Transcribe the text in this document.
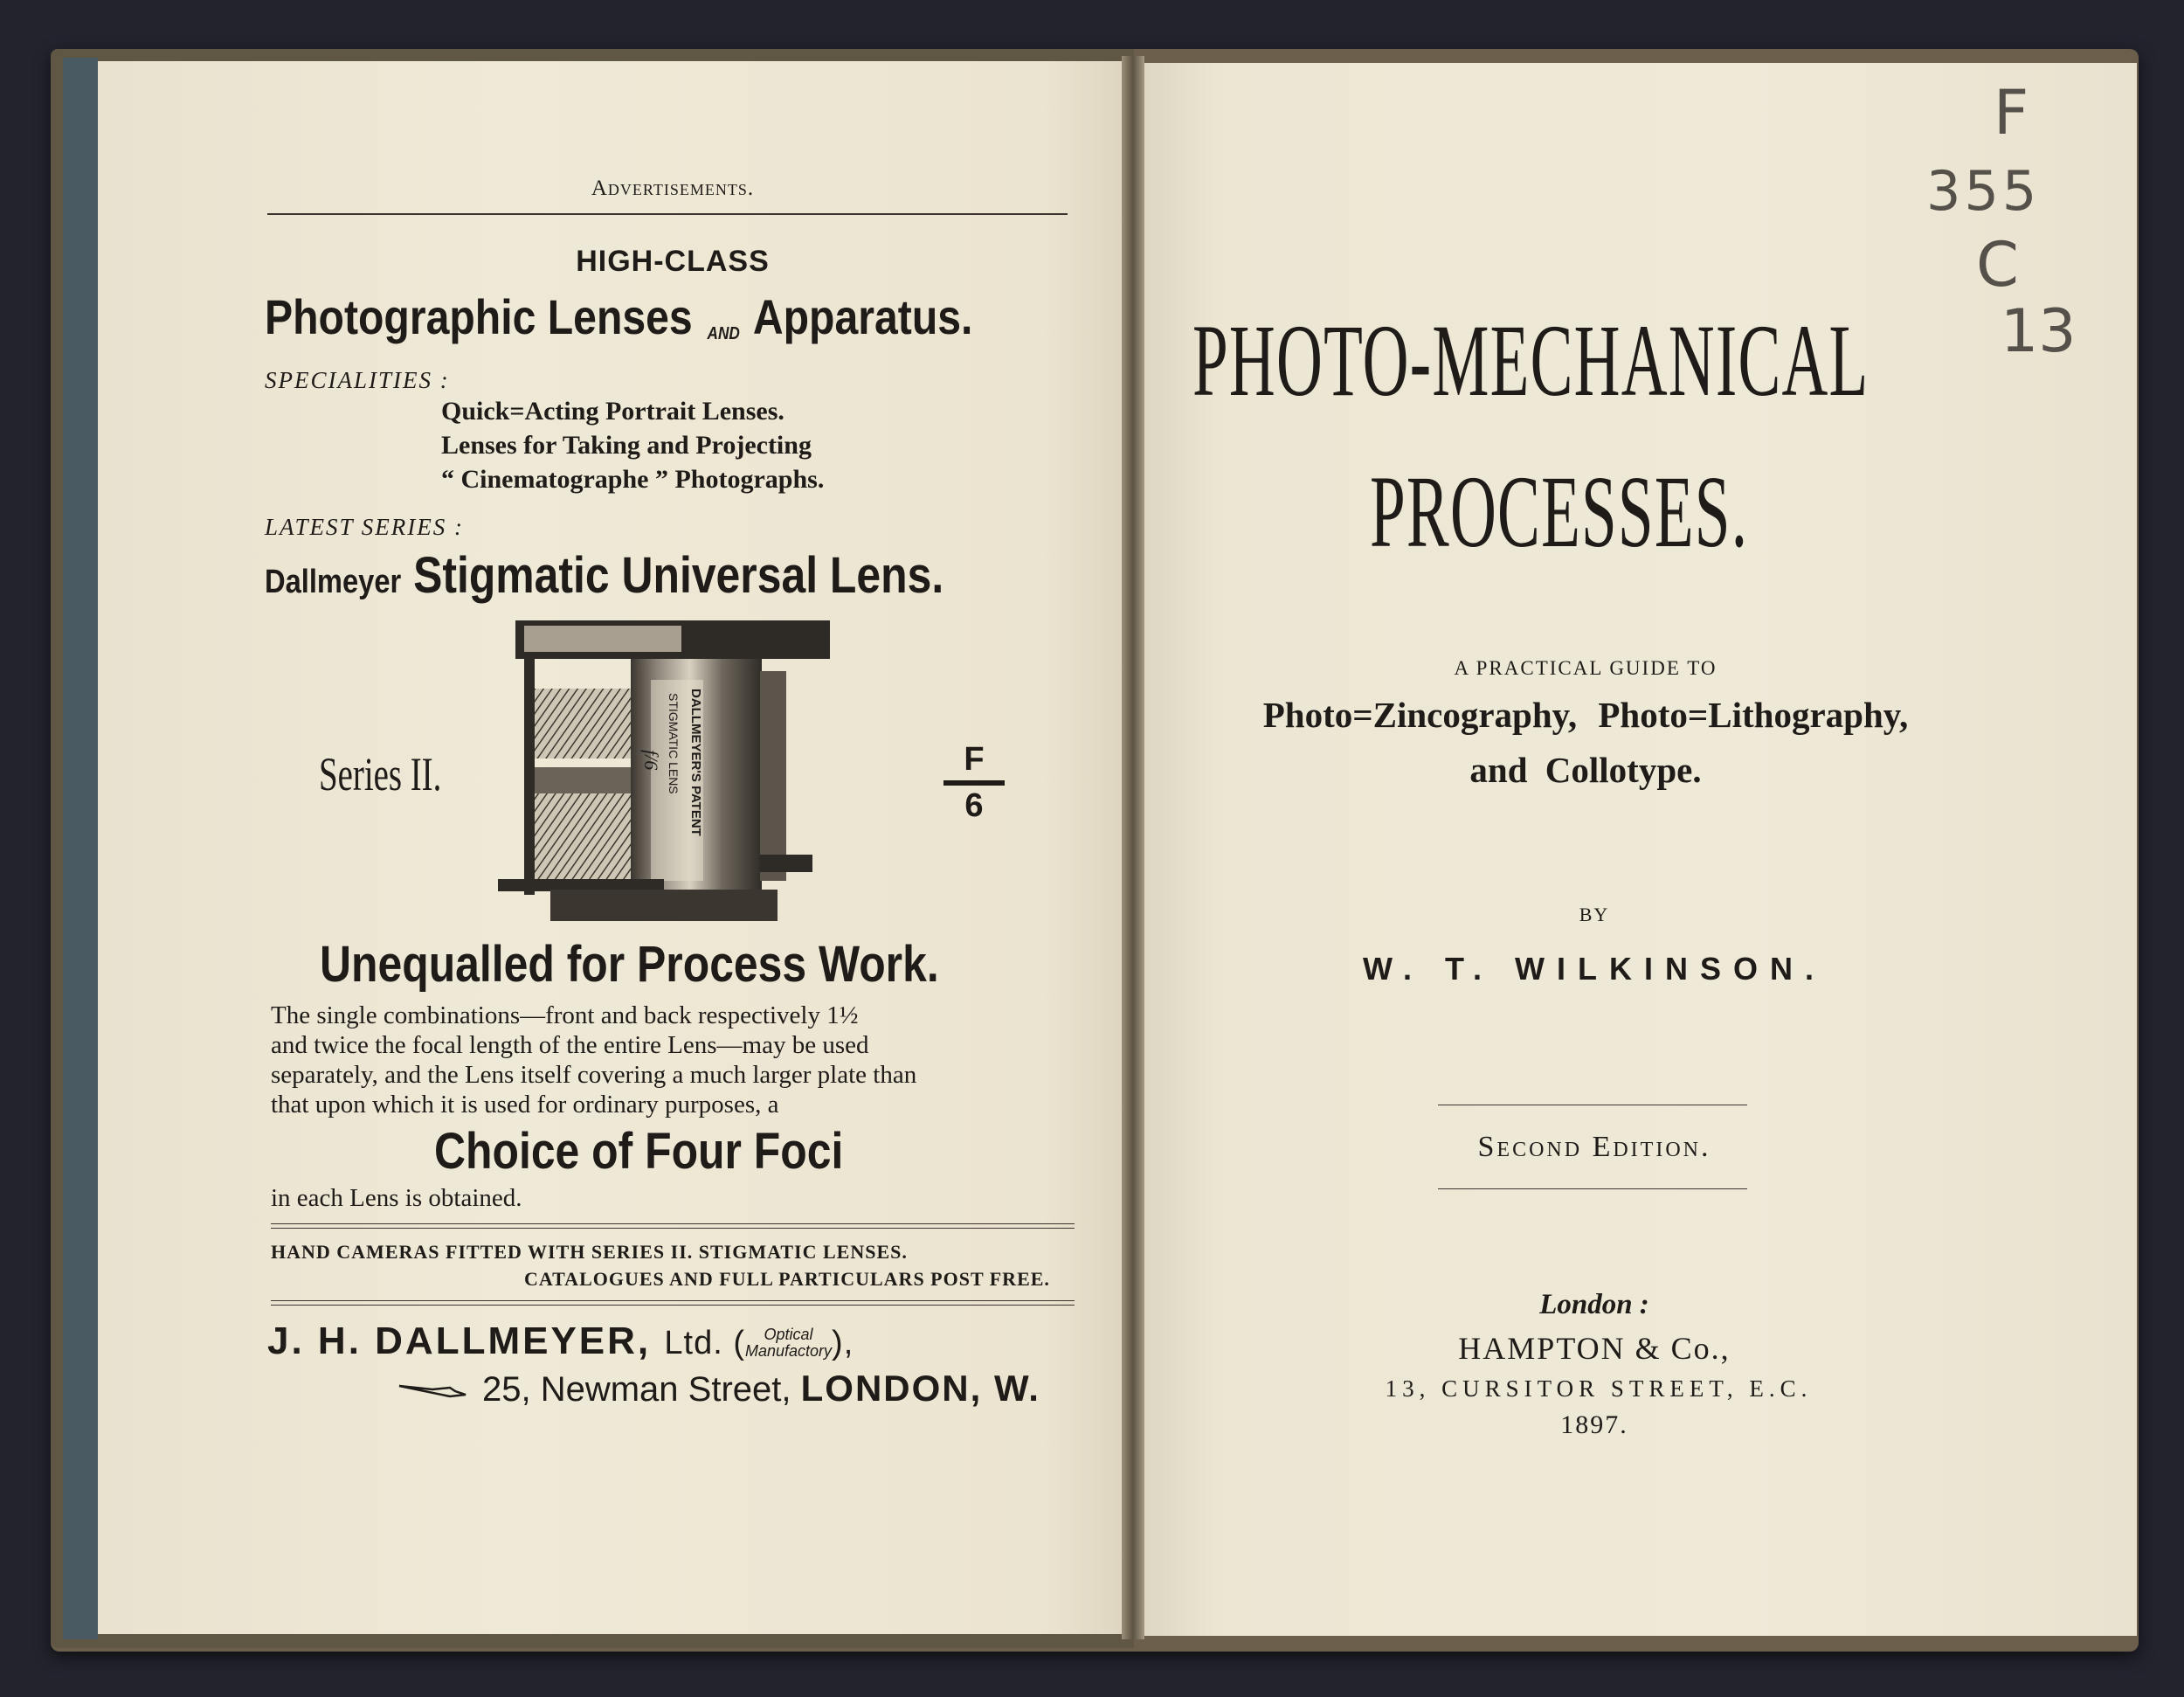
Advertisements.
HIGH-CLASS
Photographic Lenses AND Apparatus.
SPECIALITIES :
Quick=Acting Portrait Lenses.
Lenses for Taking and Projecting
“ Cinematographe ” Photographs.
LATEST SERIES :
Dallmeyer Stigmatic Universal Lens.
Series II.	F
6
DALLMEYER'S PATENT
STIGMATIC LENS
f/6
Unequalled for Process Work.
The single combinations—front and back respectively 1½
and twice the focal length of the entire Lens—may be used
separately, and the Lens itself covering a much larger plate than
that upon which it is used for ordinary purposes, a
Choice of Four Foci
in each Lens is obtained.
HAND CAMERAS FITTED WITH SERIES II. STIGMATIC LENSES.
CATALOGUES AND FULL PARTICULARS POST FREE.
J. H. DALLMEYER, Ltd. ( Optical
Manufactory),
25, Newman Street, LONDON, W.
PHOTO-MECHANICAL
PROCESSES.
A PRACTICAL GUIDE TO
Photo=Zincography, Photo=Lithography,
and Collotype.
BY
W. T. WILKINSON.
Second Edition.
London :
HAMPTON & Co.,
13, CURSITOR STREET, E.C.
1897.
F
355
C
13
